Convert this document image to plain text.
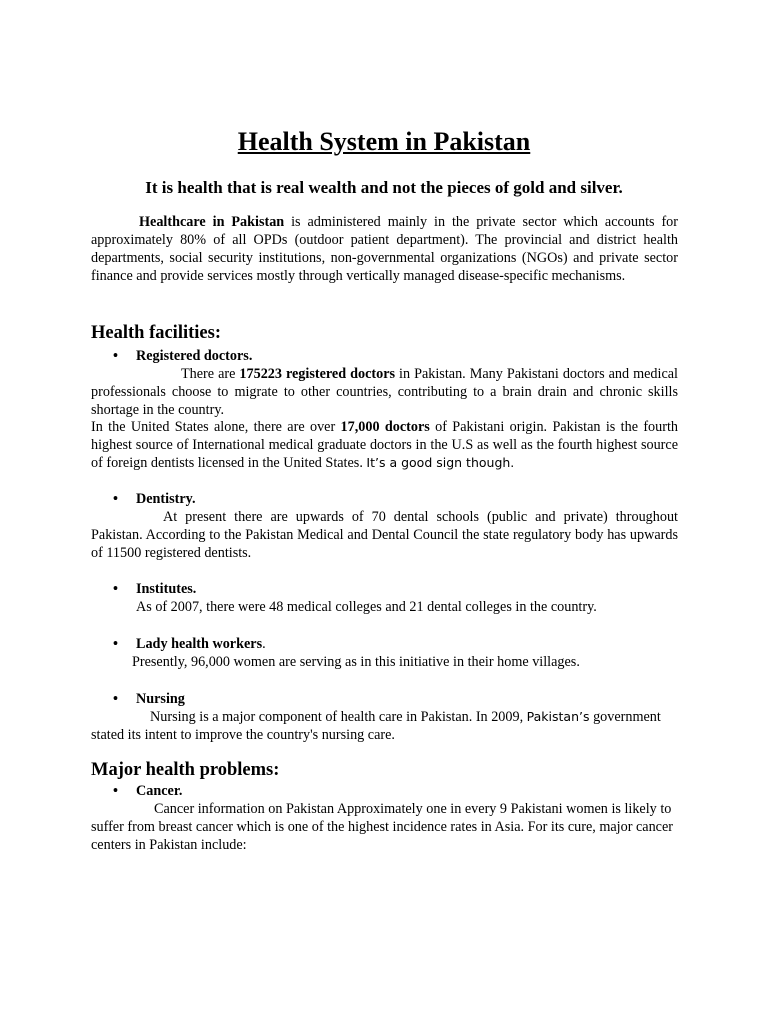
Health System in Pakistan
It is health that is real wealth and not the pieces of gold and silver.

Healthcare in Pakistan is administered mainly in the private sector which accounts for approximately 80% of all OPDs (outdoor patient department). The provincial and district health departments, social security institutions, non-governmental organizations (NGOs) and private sector finance and provide services mostly through vertically managed disease-specific mechanisms.

Health facilities:

• Registered doctors.

There are 175223 registered doctors in Pakistan. Many Pakistani doctors and medical professionals choose to migrate to other countries, contributing to a brain drain and chronic skills shortage in the country.

In the United States alone, there are over 17,000 doctors of Pakistani origin. Pakistan is the fourth highest source of International medical graduate doctors in the U.S as well as the fourth highest source of foreign dentists licensed in the United States. It’s a good sign though.

• Dentistry.

At present there are upwards of 70 dental schools (public and private) throughout Pakistan. According to the Pakistan Medical and Dental Council the state regulatory body has upwards of 11500 registered dentists.

• Institutes.

As of 2007, there were 48 medical colleges and 21 dental colleges in the country.

• Lady health workers.

Presently, 96,000 women are serving as in this initiative in their home villages.

• Nursing

Nursing is a major component of health care in Pakistan. In 2009, Pakistan’s government stated its intent to improve the country's nursing care.

Major health problems:

• Cancer.

Cancer information on Pakistan Approximately one in every 9 Pakistani women is likely to suffer from breast cancer which is one of the highest incidence rates in Asia. For its cure, major cancer centers in Pakistan include:
